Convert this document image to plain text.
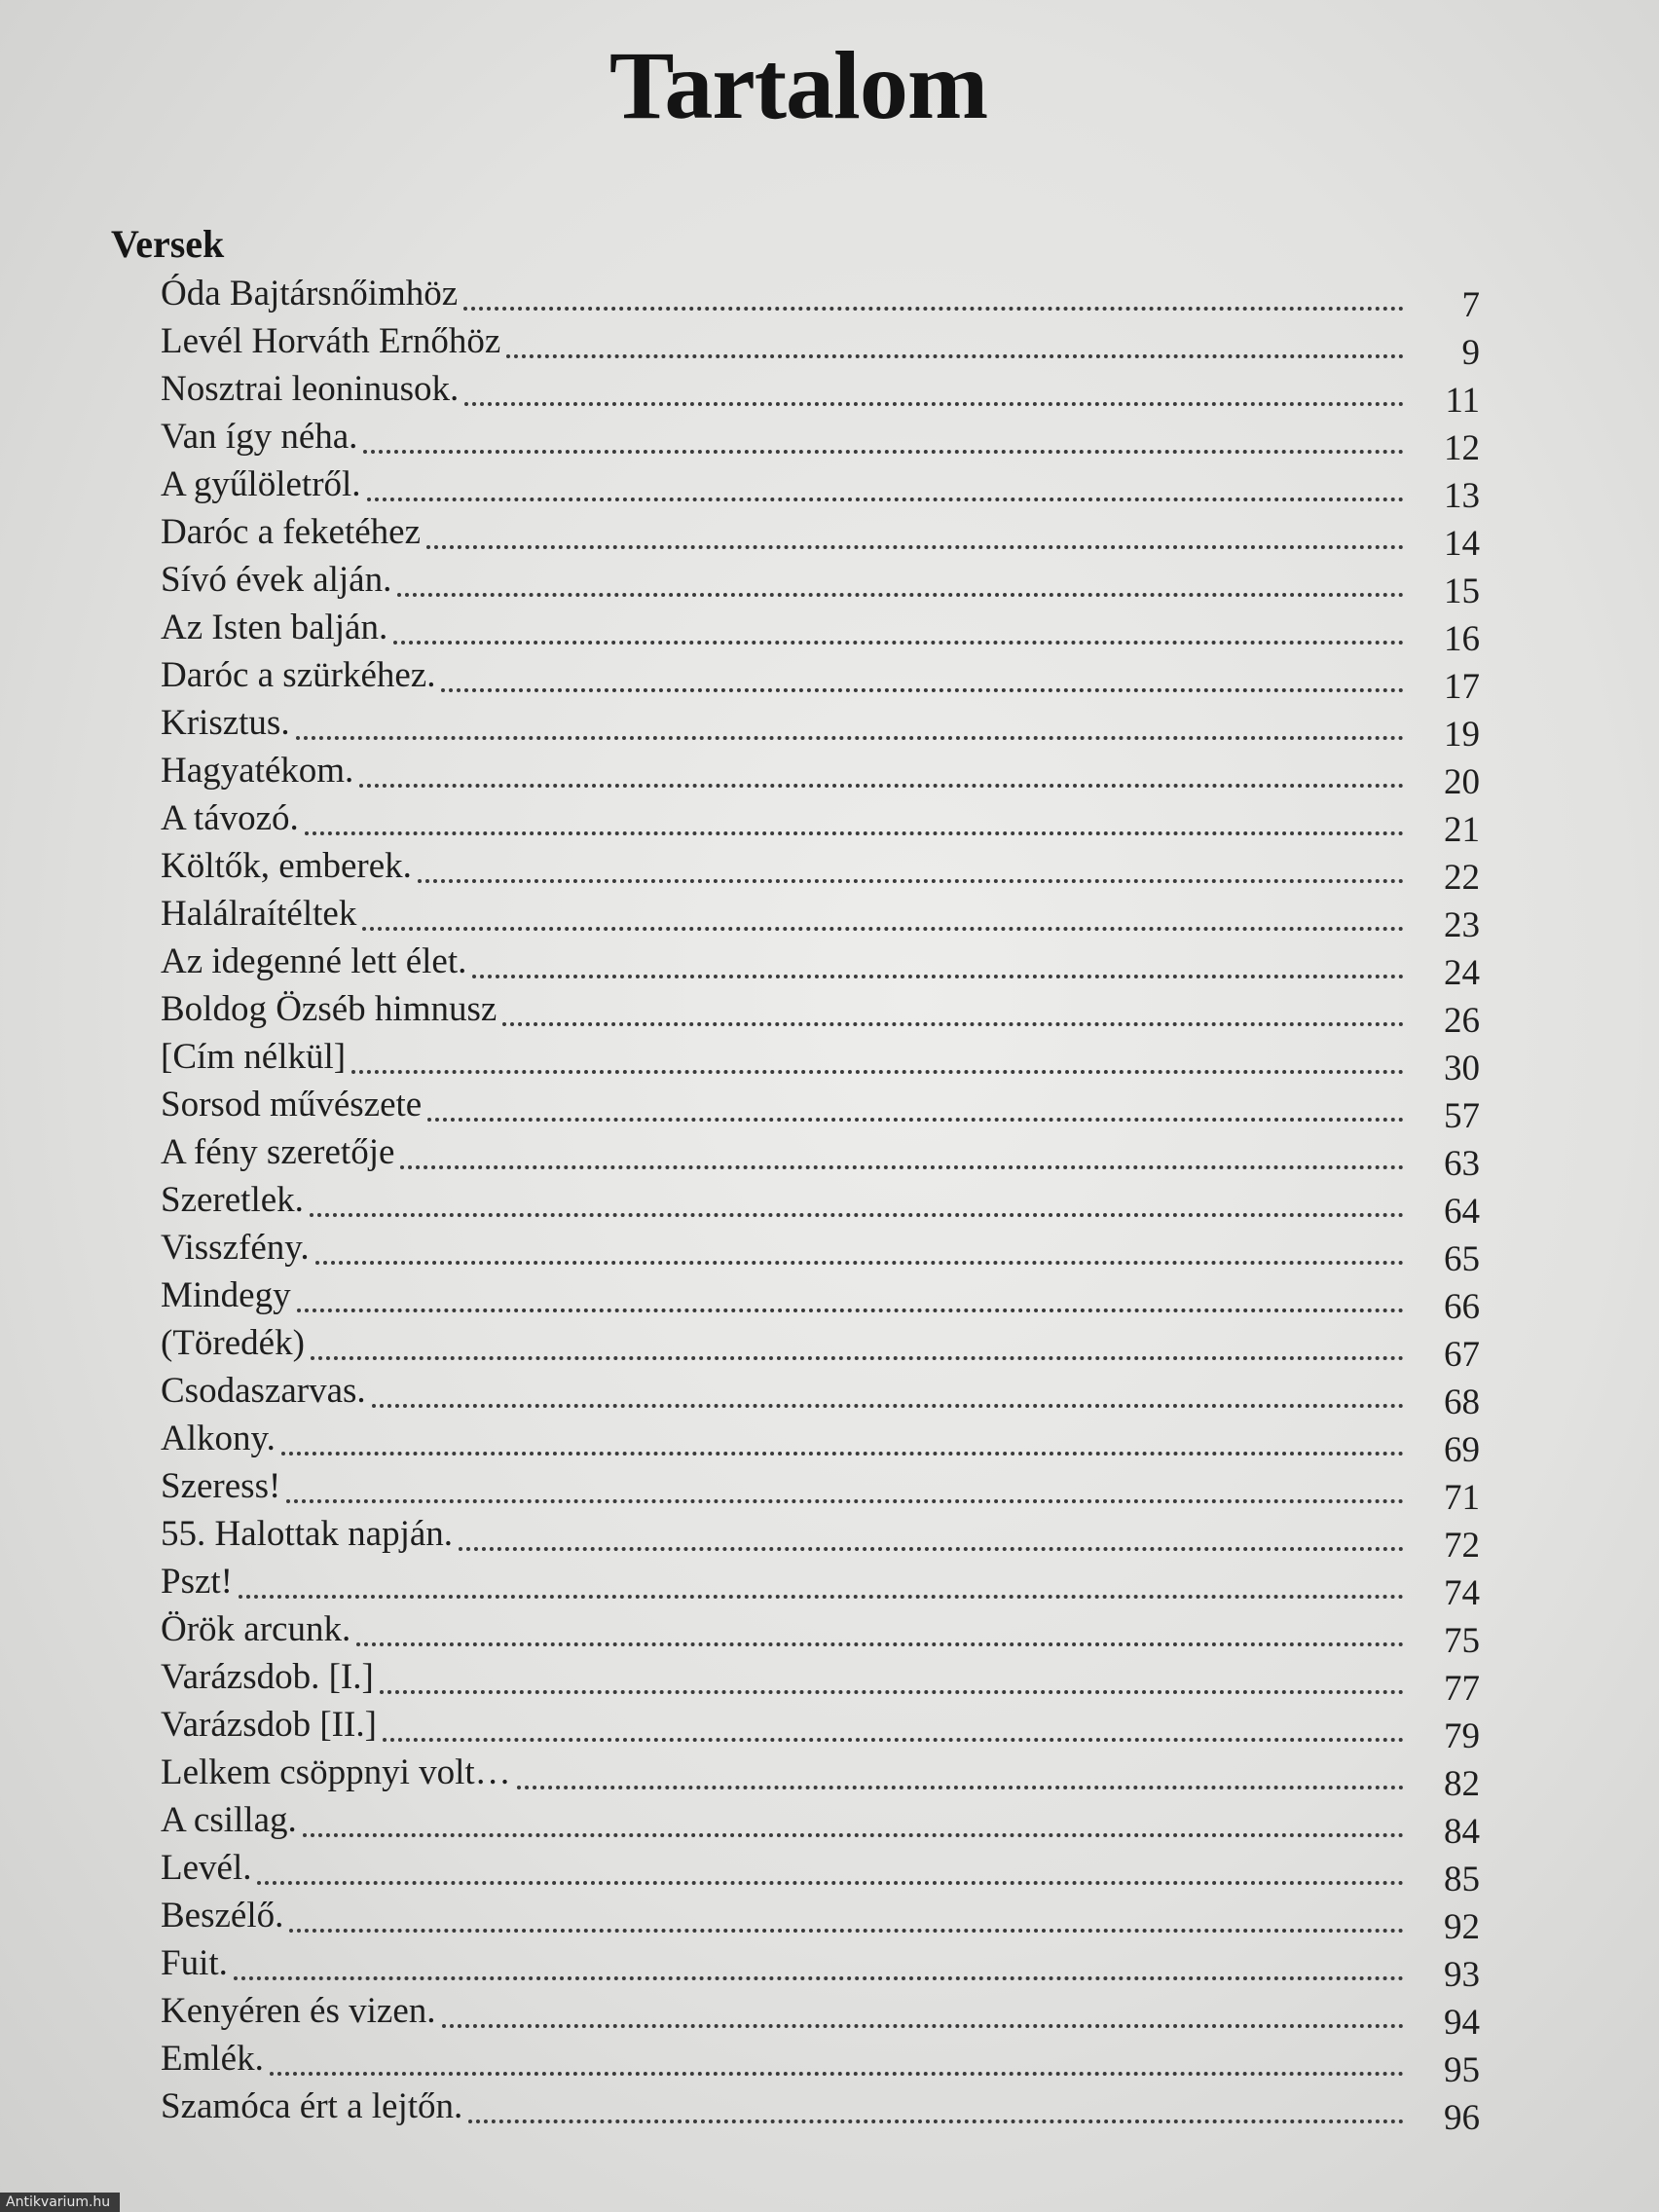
Tartalom
Versek
Óda Bajtársnőimhöz	7
Levél Horváth Ernőhöz	9
Nosztrai leoninusok.	11
Van így néha.	12
A gyűlöletről.	13
Daróc a feketéhez	14
Sívó évek alján.	15
Az Isten balján.	16
Daróc a szürkéhez.	17
Krisztus.	19
Hagyatékom.	20
A távozó.	21
Költők, emberek.	22
Halálraítéltek	23
Az idegenné lett élet.	24
Boldog Özséb himnusz	26
[Cím nélkül]	30
Sorsod művészete	57
A fény szeretője	63
Szeretlek.	64
Visszfény.	65
Mindegy	66
(Töredék)	67
Csodaszarvas.	68
Alkony.	69
Szeress!	71
55. Halottak napján.	72
Pszt!	74
Örök arcunk.	75
Varázsdob. [I.]	77
Varázsdob [II.]	79
Lelkem csöppnyi volt…	82
A csillag.	84
Levél.	85
Beszélő.	92
Fuit.	93
Kenyéren és vizen.	94
Emlék.	95
Szamóca ért a lejtőn.	96
Antikvarium.hu
